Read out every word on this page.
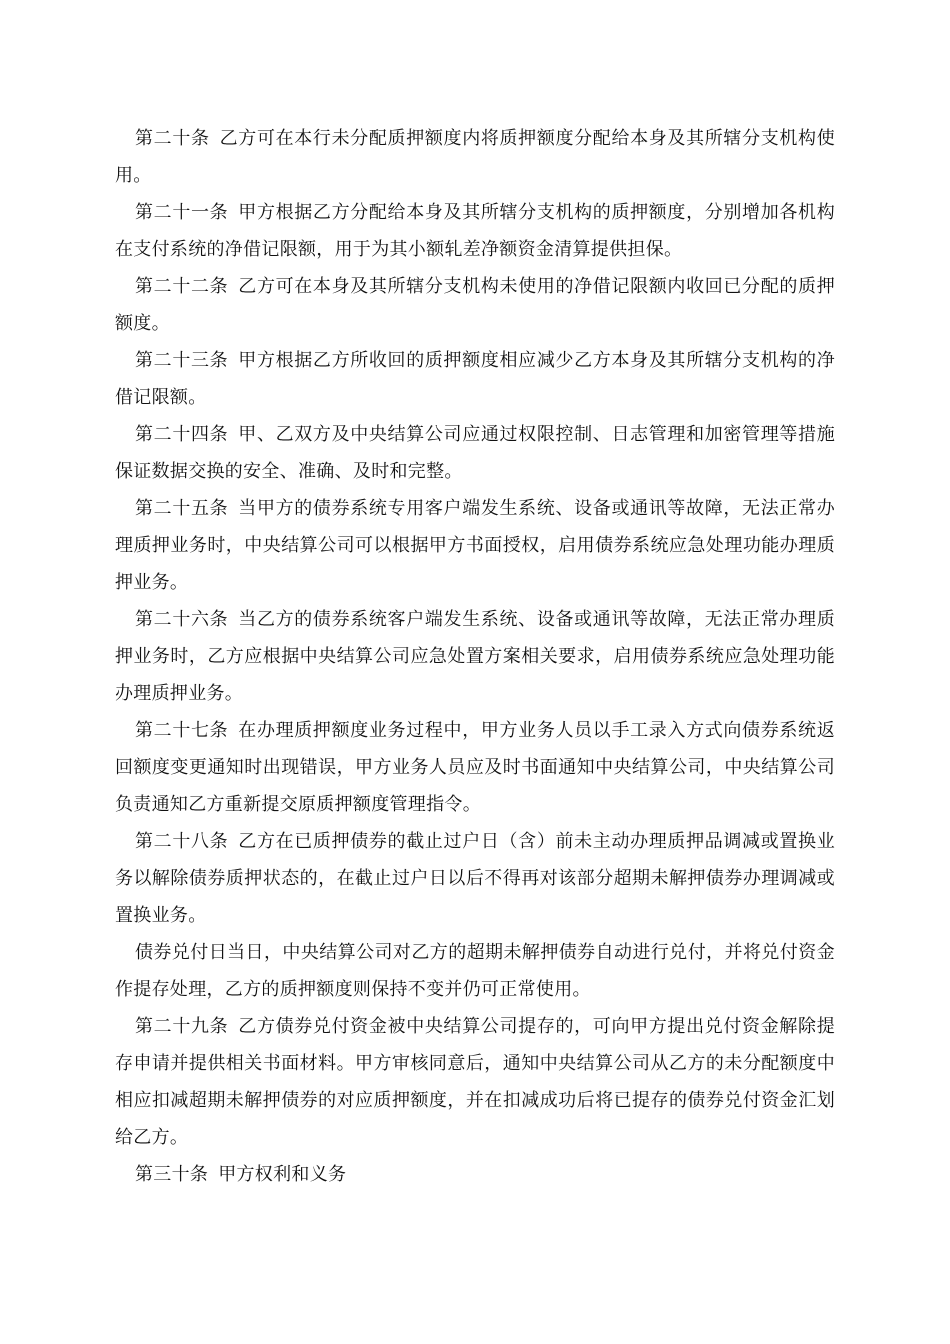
第二十条 乙方可在本行未分配质押额度内将质押额度分配给本身及其所辖分支机构使用。

第二十一条 甲方根据乙方分配给本身及其所辖分支机构的质押额度，分别增加各机构在支付系统的净借记限额，用于为其小额轧差净额资金清算提供担保。

第二十二条 乙方可在本身及其所辖分支机构未使用的净借记限额内收回已分配的质押额度。

第二十三条 甲方根据乙方所收回的质押额度相应减少乙方本身及其所辖分支机构的净借记限额。

第二十四条 甲、乙双方及中央结算公司应通过权限控制、日志管理和加密管理等措施保证数据交换的安全、准确、及时和完整。

第二十五条 当甲方的债券系统专用客户端发生系统、设备或通讯等故障，无法正常办理质押业务时，中央结算公司可以根据甲方书面授权，启用债券系统应急处理功能办理质押业务。

第二十六条 当乙方的债券系统客户端发生系统、设备或通讯等故障，无法正常办理质押业务时，乙方应根据中央结算公司应急处置方案相关要求，启用债券系统应急处理功能办理质押业务。

第二十七条 在办理质押额度业务过程中，甲方业务人员以手工录入方式向债券系统返回额度变更通知时出现错误，甲方业务人员应及时书面通知中央结算公司，中央结算公司负责通知乙方重新提交原质押额度管理指令。

第二十八条 乙方在已质押债券的截止过户日（含）前未主动办理质押品调减或置换业务以解除债券质押状态的，在截止过户日以后不得再对该部分超期未解押债券办理调减或置换业务。

债券兑付日当日，中央结算公司对乙方的超期未解押债券自动进行兑付，并将兑付资金作提存处理，乙方的质押额度则保持不变并仍可正常使用。

第二十九条 乙方债券兑付资金被中央结算公司提存的，可向甲方提出兑付资金解除提存申请并提供相关书面材料。甲方审核同意后，通知中央结算公司从乙方的未分配额度中相应扣减超期未解押债券的对应质押额度，并在扣减成功后将已提存的债券兑付资金汇划给乙方。

第三十条 甲方权利和义务
